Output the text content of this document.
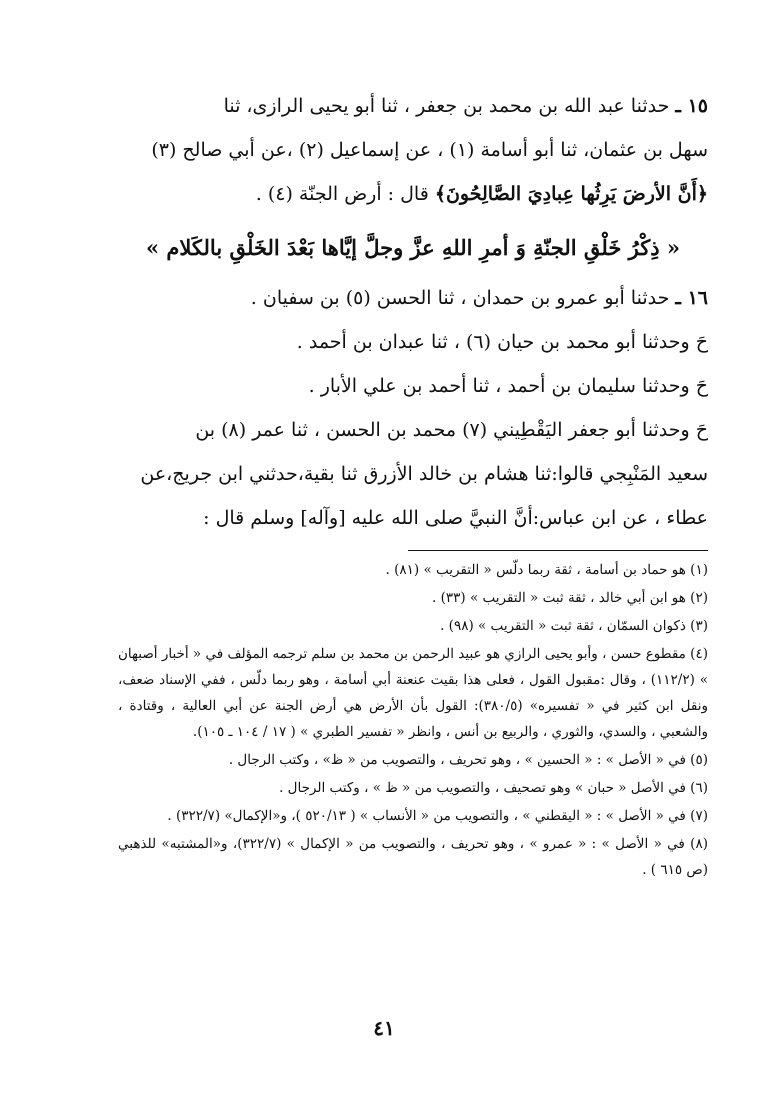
١٥ ـ حدثنا عبد الله بن محمد بن جعفر ، ثنا أبو يحيى الرازى، ثنا

سهل بن عثمان، ثنا أبو أسامة (١) ، عن إسماعيل (٢) ،عن أبي صالح (٣)

﴿أَنَّ الأرضَ يَرِثُها عِبادِيَ الصَّالِحُونَ﴾ قال : أرض الجنّة (٤) .

« ذِكْرُ خَلْقِ الجنّةِ وَ أمرِ اللهِ عزَّ وجلَّ إيَّاها بَعْدَ الخَلْقِ بالكَلام »

١٦ ـ حدثنا أبو عمرو بن حمدان ، ثنا الحسن (٥) بن سفيان .

حَ وحدثنا أبو محمد بن حيان (٦) ، ثنا عبدان بن أحمد .

حَ وحدثنا سليمان بن أحمد ، ثنا أحمد بن علي الأبار .

حَ وحدثنا أبو جعفر اليَقْطِيني (٧) محمد بن الحسن ، ثنا عمر (٨) بن

سعيد المَنْبِجي قالوا:ثنا هشام بن خالد الأزرق ثنا بقية،حدثني ابن جريج،عن

عطاء ، عن ابن عباس:أنَّ النبيَّ صلى الله عليه [وآله] وسلم قال :

(١) هو حماد بن أسامة ، ثقة ربما دلّس « التقريب » (٨١) .

(٢) هو ابن أبي خالد ، ثقة ثبت « التقريب » (٣٣) .

(٣) ذكوان السمّان ، ثقة ثبت « التقريب » (٩٨) .

(٤) مقطوع حسن ، وأبو يحيى الرازي هو عبيد الرحمن بن محمد بن سلم ترجمه المؤلف في « أخبار أصبهان » (١١٢/٢) ، وقال :مقبول القول ، فعلى هذا بقيت عنعنة أبي أسامة ، وهو ربما دلّس ، ففي الإسناد ضعف، ونقل ابن كثير في « تفسيره» (٣٨٠/٥): القول بأن الأرض هي أرض الجنة عن أبي العالية ، وقتادة ، والشعبي ، والسدي، والثوري ، والربيع بن أنس ، وانظر « تفسير الطبري » ( ١٧ / ١٠٤ ـ ١٠٥).

(٥) في « الأصل » : « الحسين » ، وهو تحريف ، والتصويب من « ظ» ، وكتب الرجال .

(٦) في الأصل « حبان » وهو تصحيف ، والتصويب من « ظ » ، وكتب الرجال .

(٧) في « الأصل » : « اليقطني » ، والتصويب من « الأنساب » ( ٥٢٠/١٣ )، و«الإكمال» (٣٢٢/٧) .

(٨) في « الأصل » : « عمرو » ، وهو تحريف ، والتصويب من « الإكمال » (٣٢٢/٧)، و«المشتبه» للذهبي (ص ٦١٥ ) .

٤١
